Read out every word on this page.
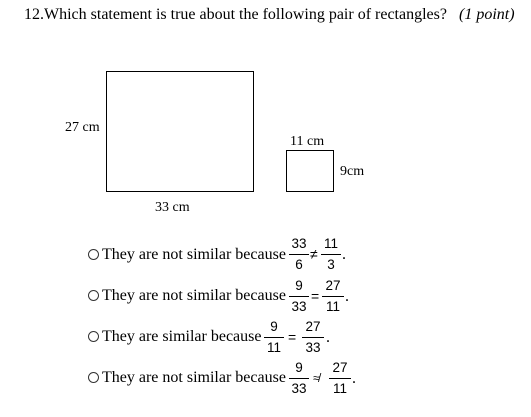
12.Which statement is true about the following pair of rectangles? (1 point)
27 cm
33 cm
11 cm
9cm
They are not similar because
33
6
≠
11
3
.
They are not similar because
9
33
=
27
11
.
They are similar because
9
11
=
27
33
.
They are not similar because
9
33
≉
27
11
.
